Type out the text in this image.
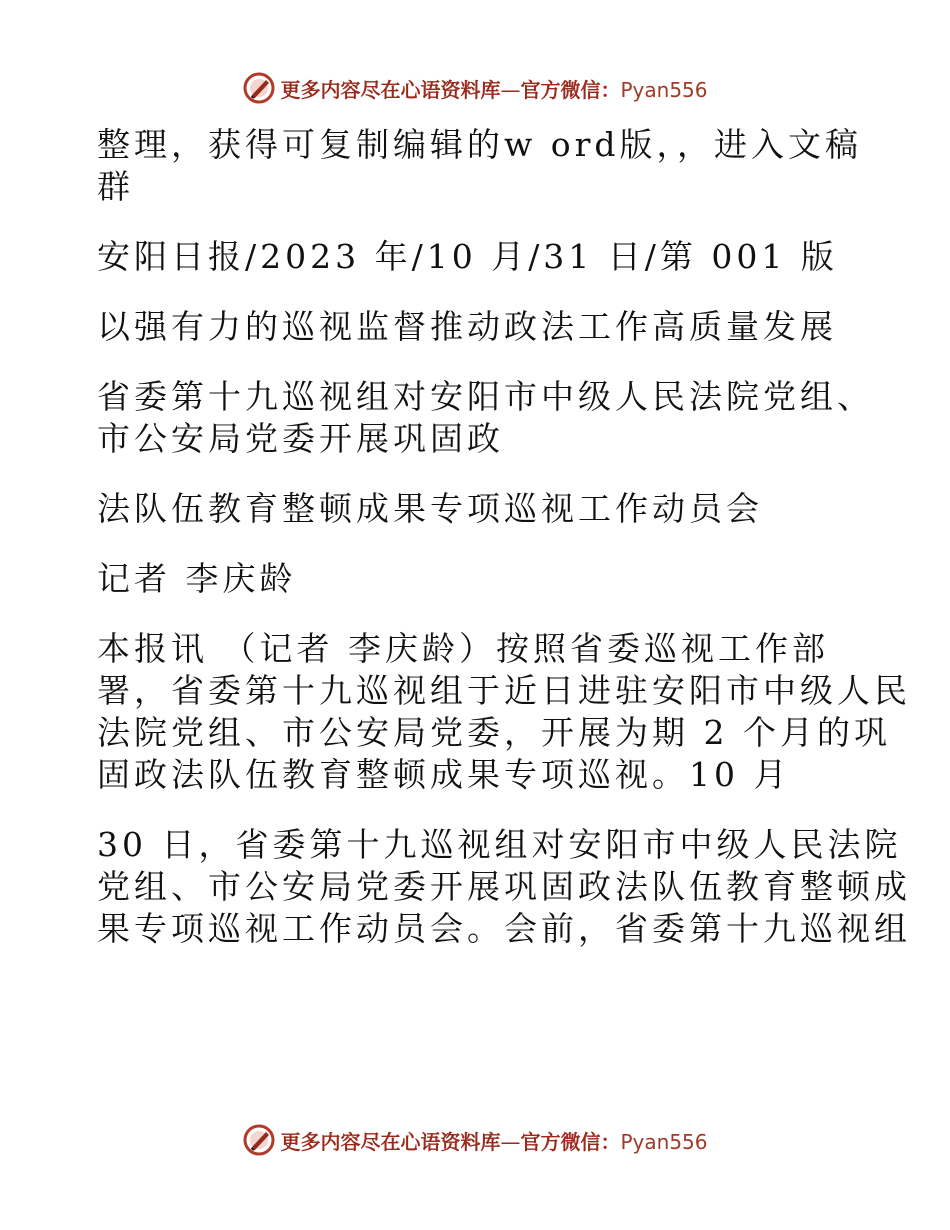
更多内容尽在心语资料库—官方微信：Pyan556

整理，获得可复制编辑的w ord版，，进入文稿

群

安阳日报/2023 年/10 月/31 日/第 001 版

以强有力的巡视监督推动政法工作高质量发展

省委第十九巡视组对安阳市中级人民法院党组、

市公安局党委开展巩固政

法队伍教育整顿成果专项巡视工作动员会

记者 李庆龄

本报讯 （记者 李庆龄）按照省委巡视工作部

署，省委第十九巡视组于近日进驻安阳市中级人民

法院党组、市公安局党委，开展为期 2 个月的巩

固政法队伍教育整顿成果专项巡视。10 月

30 日，省委第十九巡视组对安阳市中级人民法院

党组、市公安局党委开展巩固政法队伍教育整顿成

果专项巡视工作动员会。会前，省委第十九巡视组

更多内容尽在心语资料库—官方微信：Pyan556
